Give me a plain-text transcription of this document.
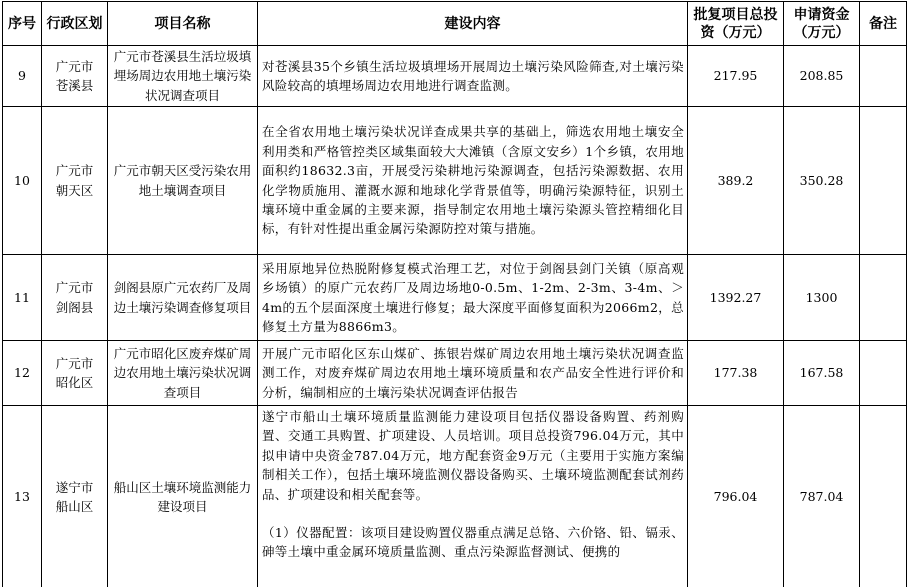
序号	行政区划	项目名称	建设内容	批复项目总投资（万元）	申请资金（万元）	备注
9	广元市苍溪县	广元市苍溪县生活垃圾填埋场周边农用地土壤污染状况调查项目	对苍溪县35个乡镇生活垃圾填埋场开展周边土壤污染风险筛查,对土壤污染风险较高的填埋场周边农用地进行调查监测。	217.95	208.85	
10	广元市朝天区	广元市朝天区受污染农用地土壤调查项目	在全省农用地土壤污染状况详查成果共享的基础上，筛选农用地土壤安全利用类和严格管控类区域集面较大大滩镇（含原文安乡）1个乡镇，农用地面积约18632.3亩，开展受污染耕地污染源调查，包括污染源数据、农用化学物质施用、灌溉水源和地球化学背景值等，明确污染源特征，识别土壤环境中重金属的主要来源，指导制定农用地土壤污染源头管控精细化目标，有针对性提出重金属污染源防控对策与措施。	389.2	350.28	
11	广元市剑阁县	剑阁县原广元农药厂及周边土壤污染调查修复项目	采用原地异位热脱附修复模式治理工艺，对位于剑阁县剑门关镇（原高观乡场镇）的原广元农药厂及周边场地0-0.5m、1-2m、2-3m、3-4m、＞4m的五个层面深度土壤进行修复；最大深度平面修复面积为2066m2，总修复土方量为8866m3。	1392.27	1300	
12	广元市昭化区	广元市昭化区废弃煤矿周边农用地土壤污染状况调查项目	开展广元市昭化区东山煤矿、拣银岩煤矿周边农用地土壤污染状况调查监测工作，对废弃煤矿周边农用地土壤环境质量和农产品安全性进行评价和分析，编制相应的土壤污染状况调查评估报告	177.38	167.58	
13	遂宁市船山区	船山区土壤环境监测能力建设项目	遂宁市船山土壤环境质量监测能力建设项目包括仪器设备购置、药剂购置、交通工具购置、扩项建设、人员培训。项目总投资796.04万元，其中拟申请中央资金787.04万元，地方配套资金9万元（主要用于实施方案编制相关工作），包括土壤环境监测仪器设备购买、土壤环境监测配套试剂药品、扩项建设和相关配套等。
（1）仪器配置：该项目建设购置仪器重点满足总铬、六价铬、铅、镉汞、砷等土壤中重金属环境质量监测、重点污染源监督测试、便携的	796.04	787.04	
